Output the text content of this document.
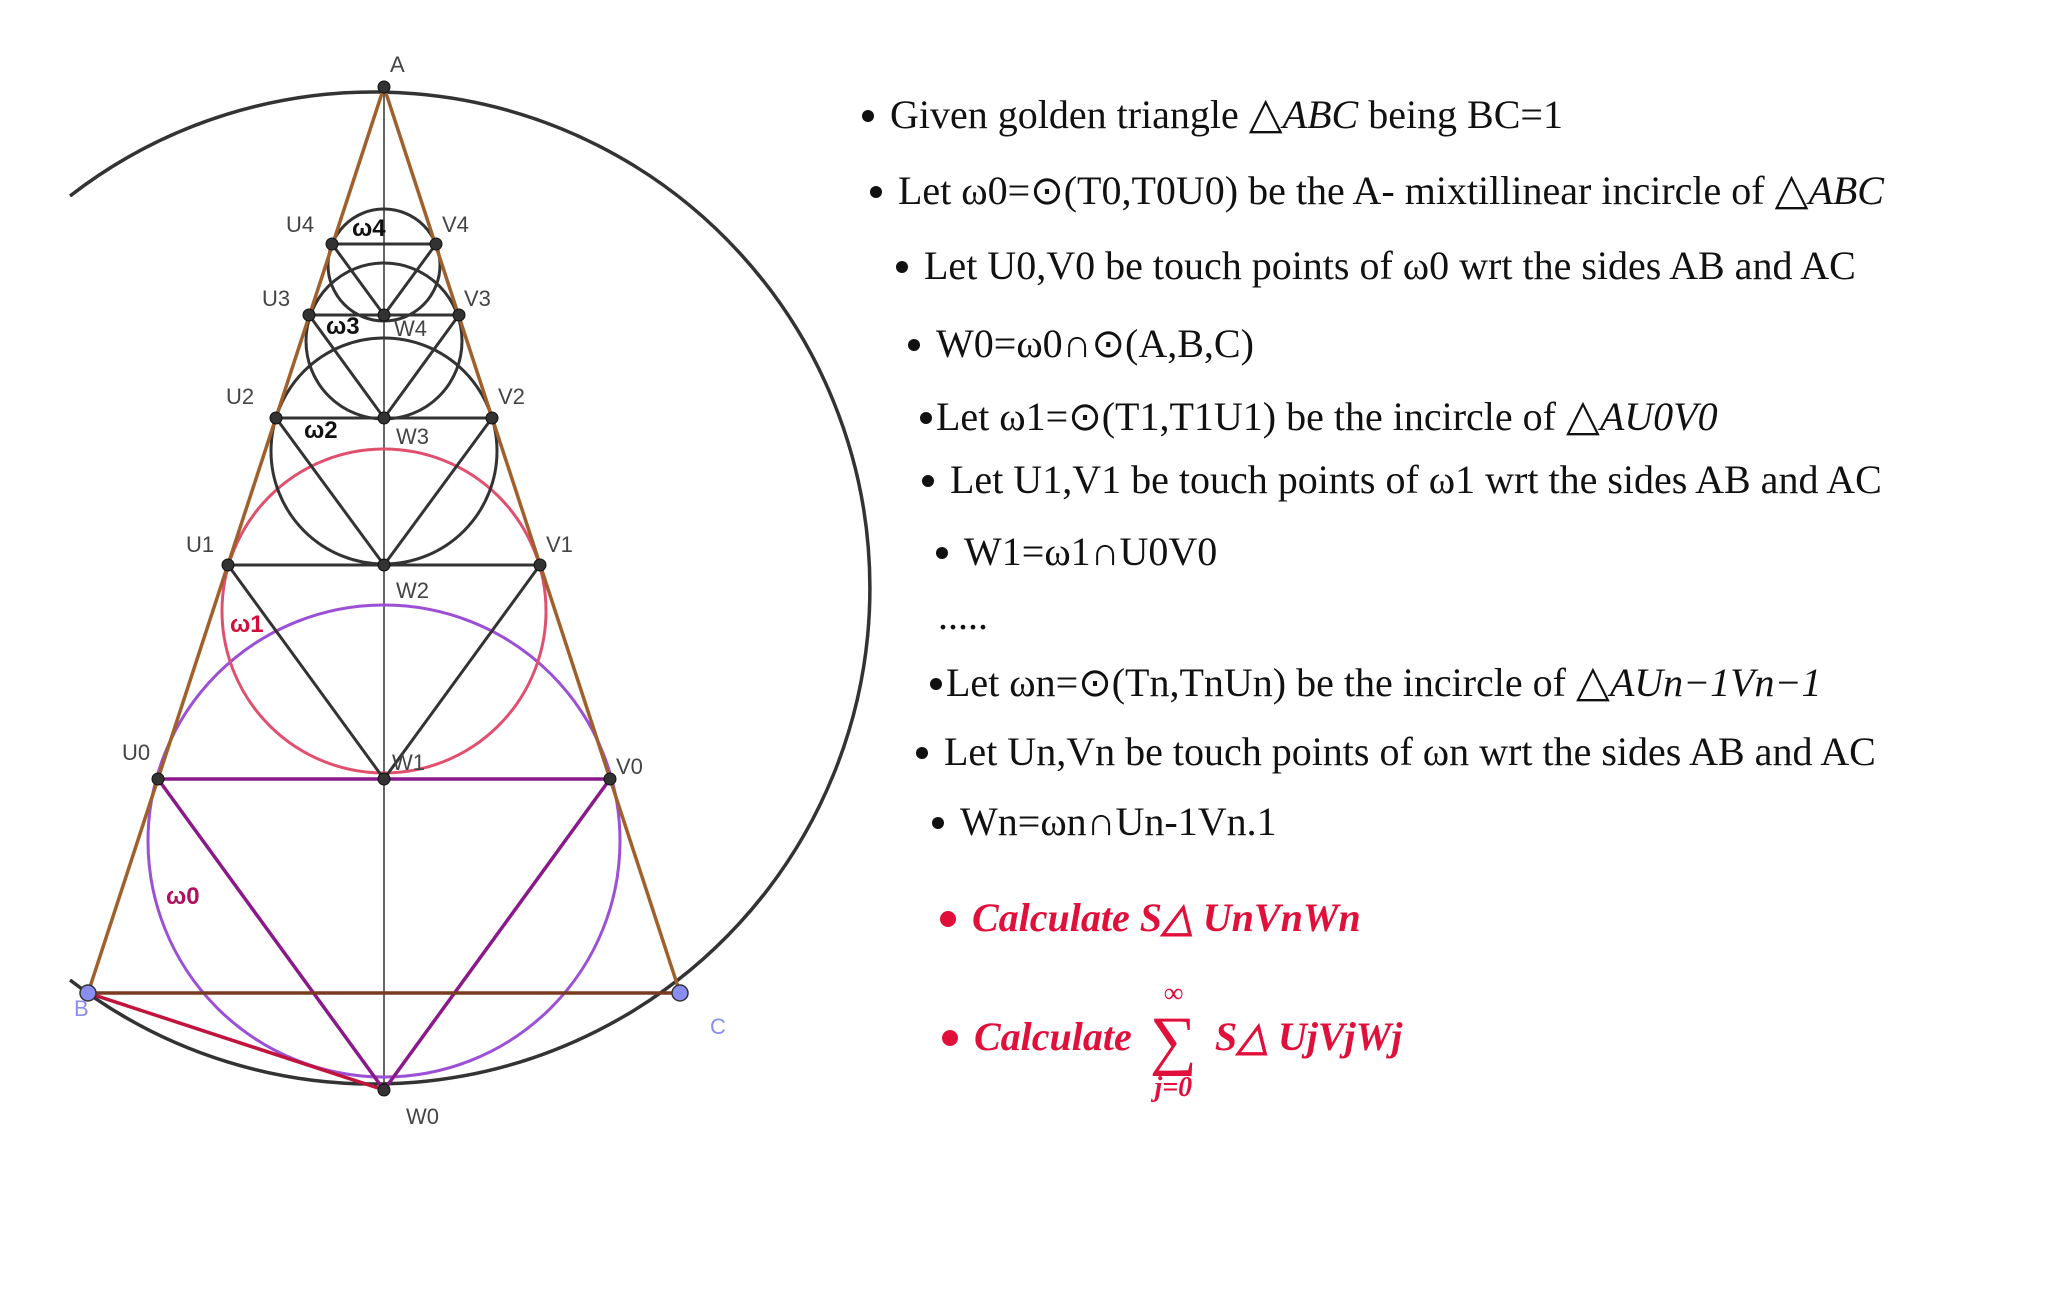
A
B
C
U4	V4
W4
U3	V3
W3
U2	V2
W2
U1	V1
W1
U0
V0
W0
ω4
ω3
ω2
ω1
ω0
Given golden triangle △ABC being BC=1
Let ω0=⊙(T0,T0U0) be the A- mixtillinear incircle of △ABC
Let U0,V0 be touch points of ω0 wrt the sides AB and AC
W0=ω0∩⊙(A,B,C)
Let ω1=⊙(T1,T1U1) be the incircle of △AU0V0
Let U1,V1 be touch points of ω1 wrt the sides AB and AC
W1=ω1∩U0V0
.....
Let ωn=⊙(Tn,TnUn) be the incircle of △AUn−1Vn−1
Let Un,Vn be touch points of ωn wrt the sides AB and AC
Wn=ωn∩Un-1Vn.1
Calculate S△ UnVnWn
Calculate
∞
∑
j=0
S△ UjVjWj
